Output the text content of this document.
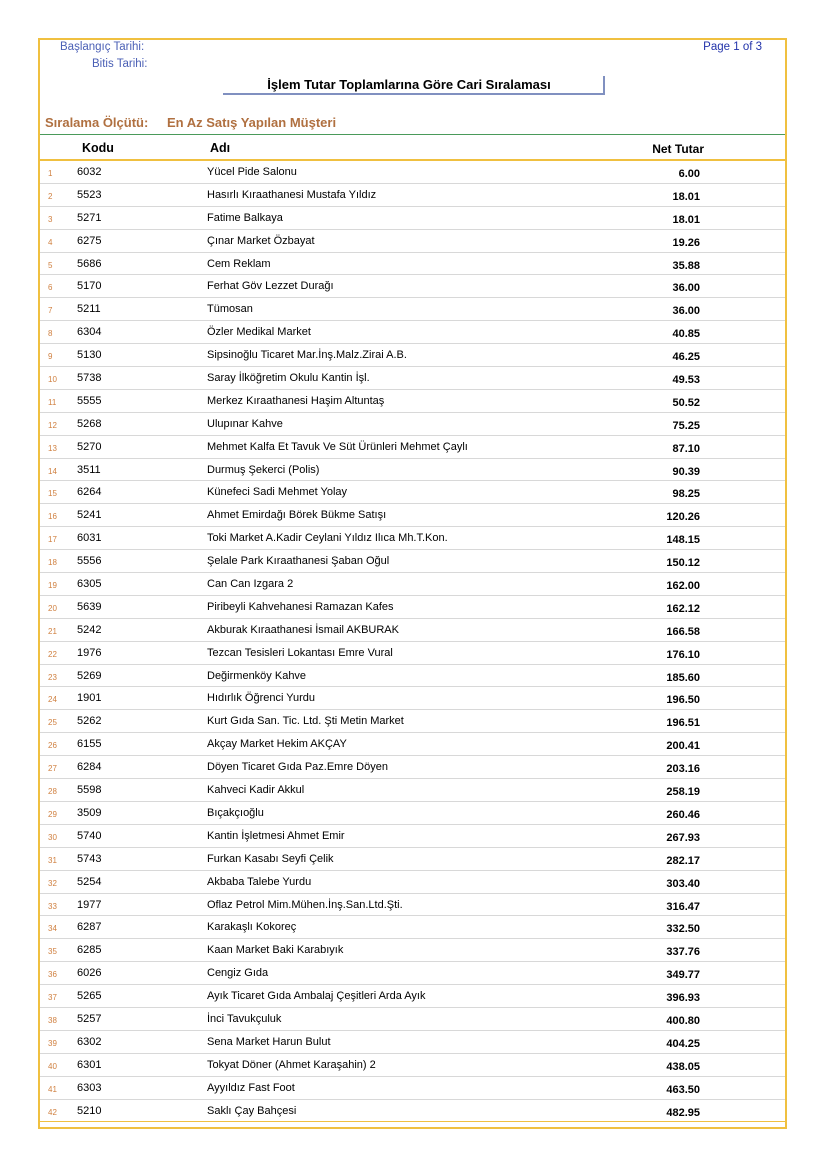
Başlangıç Tarihi:
Bitis Tarihi:
Page 1 of 3
İşlem Tutar Toplamlarına Göre Cari Sıralaması
Sıralama Ölçütü: En Az Satış Yapılan Müşteri
Kodu	Adı	Net Tutar
1 6032	Yücel Pide Salonu	6.00
2 5523	Hasırlı Kıraathanesi Mustafa Yıldız	18.01
3 5271	Fatime Balkaya	18.01
4 6275	Çınar Market Özbayat	19.26
5 5686	Cem Reklam	35.88
6 5170	Ferhat Göv Lezzet Durağı	36.00
7 5211	Tümosan	36.00
8 6304	Özler Medikal Market	40.85
9 5130	Sipsinoğlu Ticaret Mar.İnş.Malz.Zirai A.B.	46.25
10 5738	Saray İlköğretim Okulu Kantin İşl.	49.53
11 5555	Merkez Kıraathanesi Haşim Altuntaş	50.52
12 5268	Ulupınar Kahve	75.25
13 5270	Mehmet Kalfa Et Tavuk Ve Süt Ürünleri Mehmet Çaylı	87.10
14 3511	Durmuş Şekerci (Polis)	90.39
15 6264	Künefeci Sadi Mehmet Yolay	98.25
16 5241	Ahmet Emirdağı Börek Bükme Satışı	120.26
17 6031	Toki Market A.Kadir Ceylani Yıldız Ilıca Mh.T.Kon.	148.15
18 5556	Şelale Park Kıraathanesi Şaban Oğul	150.12
19 6305	Can Can Izgara 2	162.00
20 5639	Piribeyli Kahvehanesi Ramazan Kafes	162.12
21 5242	Akburak Kıraathanesi İsmail AKBURAK	166.58
22 1976	Tezcan Tesisleri Lokantası Emre Vural	176.10
23 5269	Değirmenköy Kahve	185.60
24 1901	Hıdırlık Öğrenci Yurdu	196.50
25 5262	Kurt Gıda San. Tic. Ltd. Şti Metin Market	196.51
26 6155	Akçay Market Hekim AKÇAY	200.41
27 6284	Döyen Ticaret Gıda Paz.Emre Döyen	203.16
28 5598	Kahveci Kadir Akkul	258.19
29 3509	Bıçakçıoğlu	260.46
30 5740	Kantin İşletmesi Ahmet Emir	267.93
31 5743	Furkan Kasabı Seyfi Çelik	282.17
32 5254	Akbaba Talebe Yurdu	303.40
33 1977	Oflaz Petrol Mim.Mühen.İnş.San.Ltd.Şti.	316.47
34 6287	Karakaşlı Kokoreç	332.50
35 6285	Kaan Market Baki Karabıyık	337.76
36 6026	Cengiz Gıda	349.77
37 5265	Ayık Ticaret Gıda Ambalaj Çeşitleri Arda Ayık	396.93
38 5257	İnci Tavukçuluk	400.80
39 6302	Sena Market Harun Bulut	404.25
40 6301	Tokyat Döner (Ahmet Karaşahin) 2	438.05
41 6303	Ayyıldız Fast Foot	463.50
42 5210	Saklı Çay Bahçesi	482.95
